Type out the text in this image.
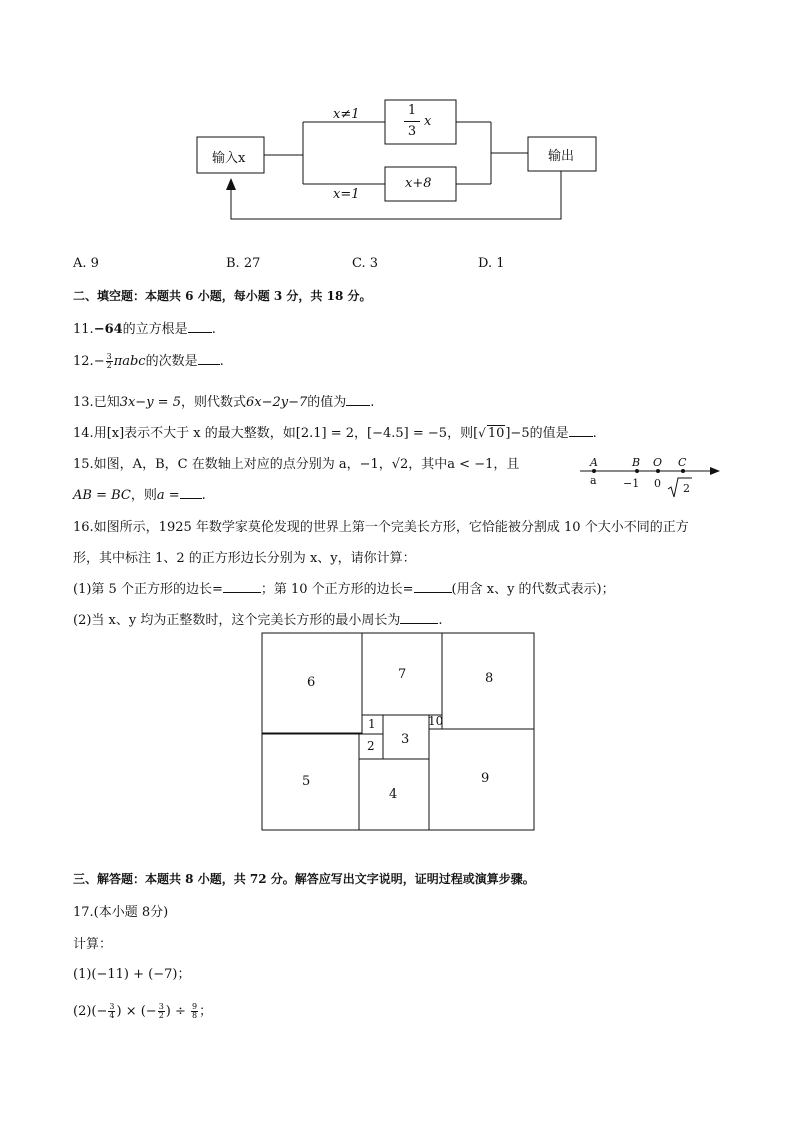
输入x	输出
x≠1
x=1
1
3
x
x+8
A. 9	B. 27	C. 3	D. 1
二、填空题：本题共 6 小题，每小题 3 分，共 18 分。
11.−64的立方根是 .
$12.- \frac{3}{2}$ πabc的次数是 .
13.已知3x−y = 5，则代数式6x−2y−7的值为 .
14.用[x]表示不大于 x 的最大整数，如[2.1] = 2，[−4.5] = −5，则[√ 10]−5的值是 .
15.如图，A，B，C 在数轴上对应的点分别为 a，−1，√2，其中a < −1，且
AB = BC，则a = .
A	B O C
a −1 0 2
16.如图所示，1925 年数学家莫伦发现的世界上第一个完美长方形，它恰能被分割成 10 个大小不同的正方
形，其中标注 1、2 的正方形边长分别为 x、y，请你计算：
(1)第 5 个正方形的边长=	；第 10 个正方形的边长=	(用含 x、y 的代数式表示)；
(2)当 x、y 均为正整数时，这个完美长方形的最小周长为	.
6
7	8
1
2 3
10
5
4
9
三、解答题：本题共 8 小题，共 72 分。解答应写出文字说明，证明过程或演算步骤。
17.(本小题 8分)
计算：
(1)(−11) + (−7)；
$(2)(- \frac{3}{4}$ ) × (− $\frac{3}{2}$ ) ÷ $\frac{9}{8}$ ；
